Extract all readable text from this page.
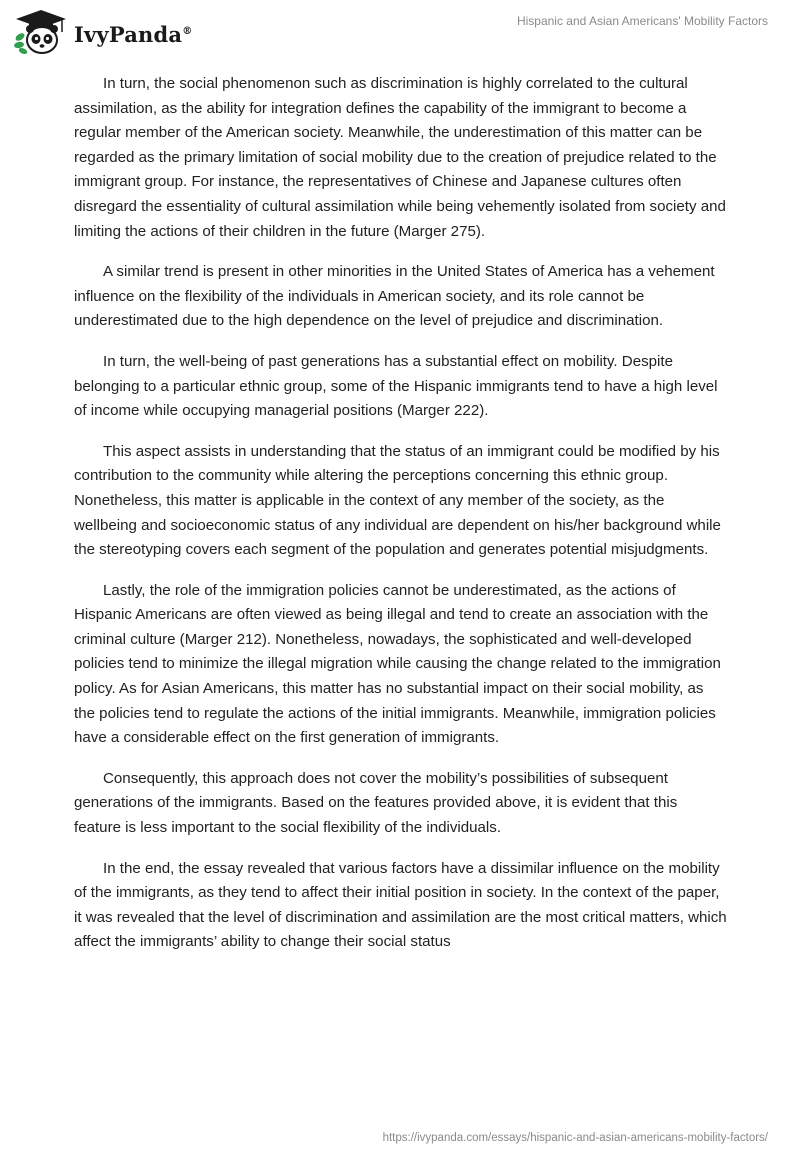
IvyPanda®
Hispanic and Asian Americans' Mobility Factors

In turn, the social phenomenon such as discrimination is highly correlated to the cultural assimilation, as the ability for integration defines the capability of the immigrant to become a regular member of the American society. Meanwhile, the underestimation of this matter can be regarded as the primary limitation of social mobility due to the creation of prejudice related to the immigrant group. For instance, the representatives of Chinese and Japanese cultures often disregard the essentiality of cultural assimilation while being vehemently isolated from society and limiting the actions of their children in the future (Marger 275).

A similar trend is present in other minorities in the United States of America has a vehement influence on the flexibility of the individuals in American society, and its role cannot be underestimated due to the high dependence on the level of prejudice and discrimination.

In turn, the well-being of past generations has a substantial effect on mobility. Despite belonging to a particular ethnic group, some of the Hispanic immigrants tend to have a high level of income while occupying managerial positions (Marger 222).

This aspect assists in understanding that the status of an immigrant could be modified by his contribution to the community while altering the perceptions concerning this ethnic group. Nonetheless, this matter is applicable in the context of any member of the society, as the wellbeing and socioeconomic status of any individual are dependent on his/her background while the stereotyping covers each segment of the population and generates potential misjudgments.

Lastly, the role of the immigration policies cannot be underestimated, as the actions of Hispanic Americans are often viewed as being illegal and tend to create an association with the criminal culture (Marger 212). Nonetheless, nowadays, the sophisticated and well-developed policies tend to minimize the illegal migration while causing the change related to the immigration policy. As for Asian Americans, this matter has no substantial impact on their social mobility, as the policies tend to regulate the actions of the initial immigrants. Meanwhile, immigration policies have a considerable effect on the first generation of immigrants.

Consequently, this approach does not cover the mobility’s possibilities of subsequent generations of the immigrants. Based on the features provided above, it is evident that this feature is less important to the social flexibility of the individuals.

In the end, the essay revealed that various factors have a dissimilar influence on the mobility of the immigrants, as they tend to affect their initial position in society. In the context of the paper, it was revealed that the level of discrimination and assimilation are the most critical matters, which affect the immigrants’ ability to change their social status

https://ivypanda.com/essays/hispanic-and-asian-americans-mobility-factors/
